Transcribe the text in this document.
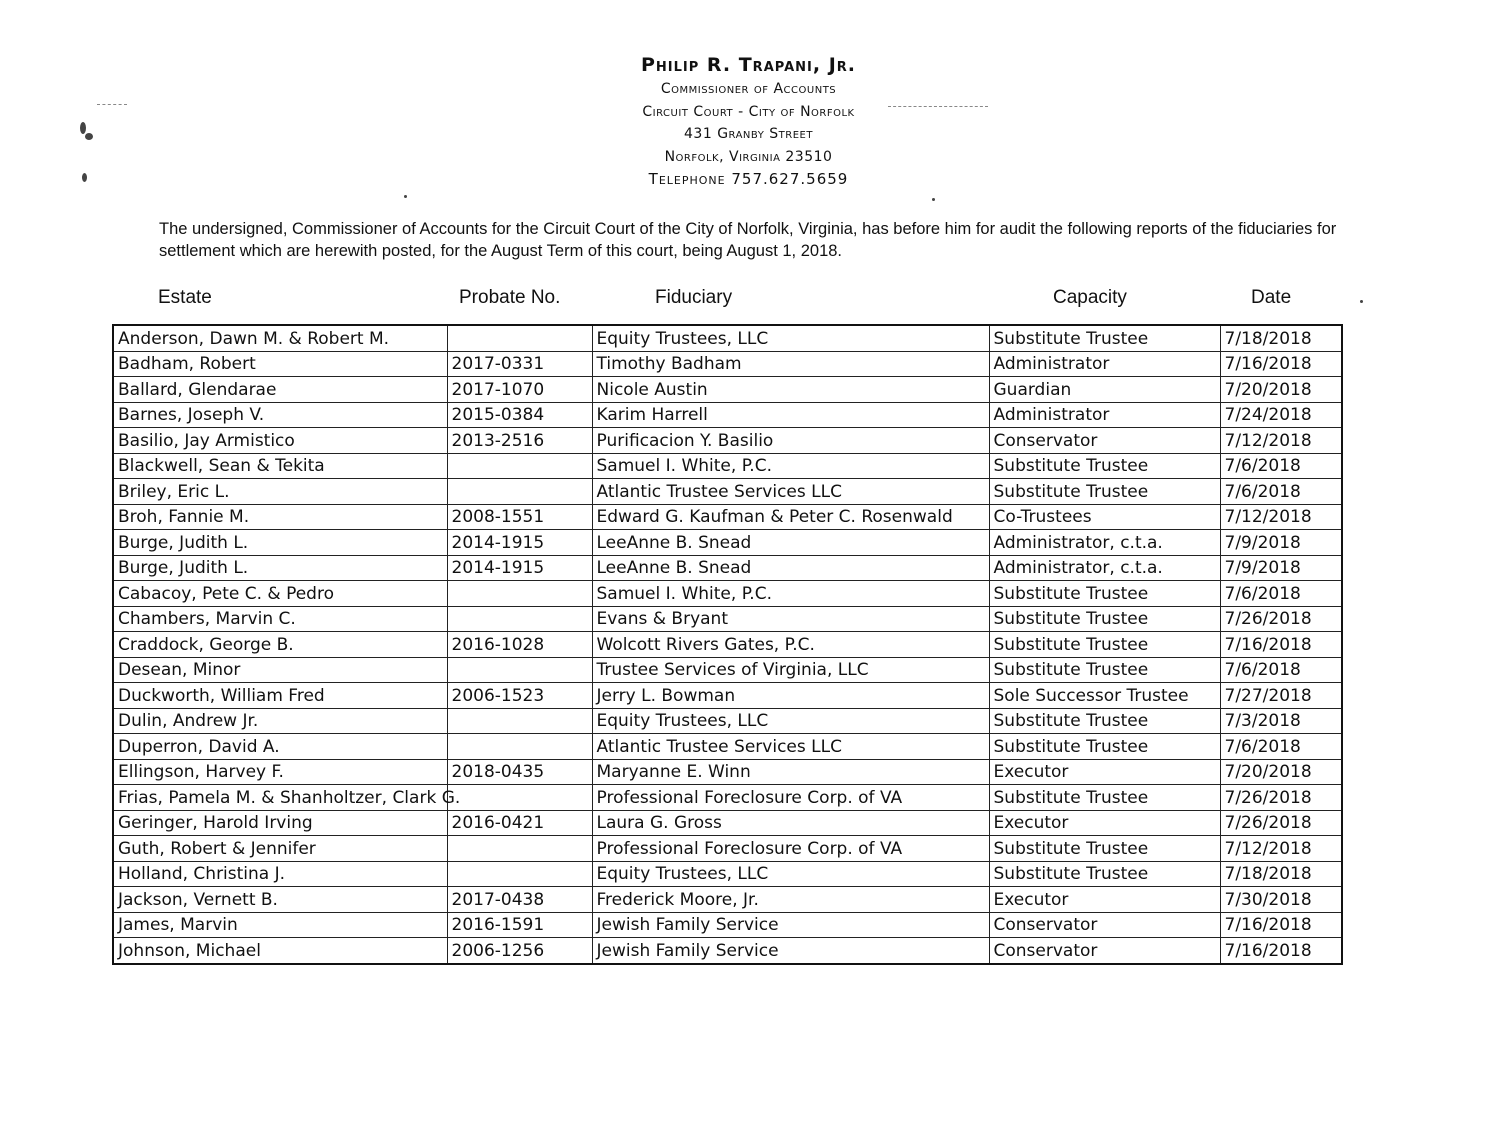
Philip R. Trapani, Jr.
Commissioner of Accounts
Circuit Court - City of Norfolk
431 Granby Street
Norfolk, Virginia 23510
Telephone 757.627.5659
The undersigned, Commissioner of Accounts for the Circuit Court of the City of Norfolk, Virginia, has before him for audit the following reports of the fiduciaries for settlement which are herewith posted, for the August Term of this court, being August 1, 2018.
Estate	Probate No.	Fiduciary	Capacity	Date
Anderson, Dawn M. & Robert M.		Equity Trustees, LLC	Substitute Trustee	7/18/2018
Badham, Robert	2017-0331	Timothy Badham	Administrator	7/16/2018
Ballard, Glendarae	2017-1070	Nicole Austin	Guardian	7/20/2018
Barnes, Joseph V.	2015-0384	Karim Harrell	Administrator	7/24/2018
Basilio, Jay Armistico	2013-2516	Purificacion Y. Basilio	Conservator	7/12/2018
Blackwell, Sean & Tekita		Samuel I. White, P.C.	Substitute Trustee	7/6/2018
Briley, Eric L.		Atlantic Trustee Services LLC	Substitute Trustee	7/6/2018
Broh, Fannie M.	2008-1551	Edward G. Kaufman & Peter C. Rosenwald	Co-Trustees	7/12/2018
Burge, Judith L.	2014-1915	LeeAnne B. Snead	Administrator, c.t.a.	7/9/2018
Burge, Judith L.	2014-1915	LeeAnne B. Snead	Administrator, c.t.a.	7/9/2018
Cabacoy, Pete C. & Pedro		Samuel I. White, P.C.	Substitute Trustee	7/6/2018
Chambers, Marvin C.		Evans & Bryant	Substitute Trustee	7/26/2018
Craddock, George B.	2016-1028	Wolcott Rivers Gates, P.C.	Substitute Trustee	7/16/2018
Desean, Minor		Trustee Services of Virginia, LLC	Substitute Trustee	7/6/2018
Duckworth, William Fred	2006-1523	Jerry L. Bowman	Sole Successor Trustee	7/27/2018
Dulin, Andrew Jr.		Equity Trustees, LLC	Substitute Trustee	7/3/2018
Duperron, David A.		Atlantic Trustee Services LLC	Substitute Trustee	7/6/2018
Ellingson, Harvey F.	2018-0435	Maryanne E. Winn	Executor	7/20/2018
Frias, Pamela M. & Shanholtzer, Clark G.		Professional Foreclosure Corp. of VA	Substitute Trustee	7/26/2018
Geringer, Harold Irving	2016-0421	Laura G. Gross	Executor	7/26/2018
Guth, Robert & Jennifer		Professional Foreclosure Corp. of VA	Substitute Trustee	7/12/2018
Holland, Christina J.		Equity Trustees, LLC	Substitute Trustee	7/18/2018
Jackson, Vernett B.	2017-0438	Frederick Moore, Jr.	Executor	7/30/2018
James, Marvin	2016-1591	Jewish Family Service	Conservator	7/16/2018
Johnson, Michael	2006-1256	Jewish Family Service	Conservator	7/16/2018
